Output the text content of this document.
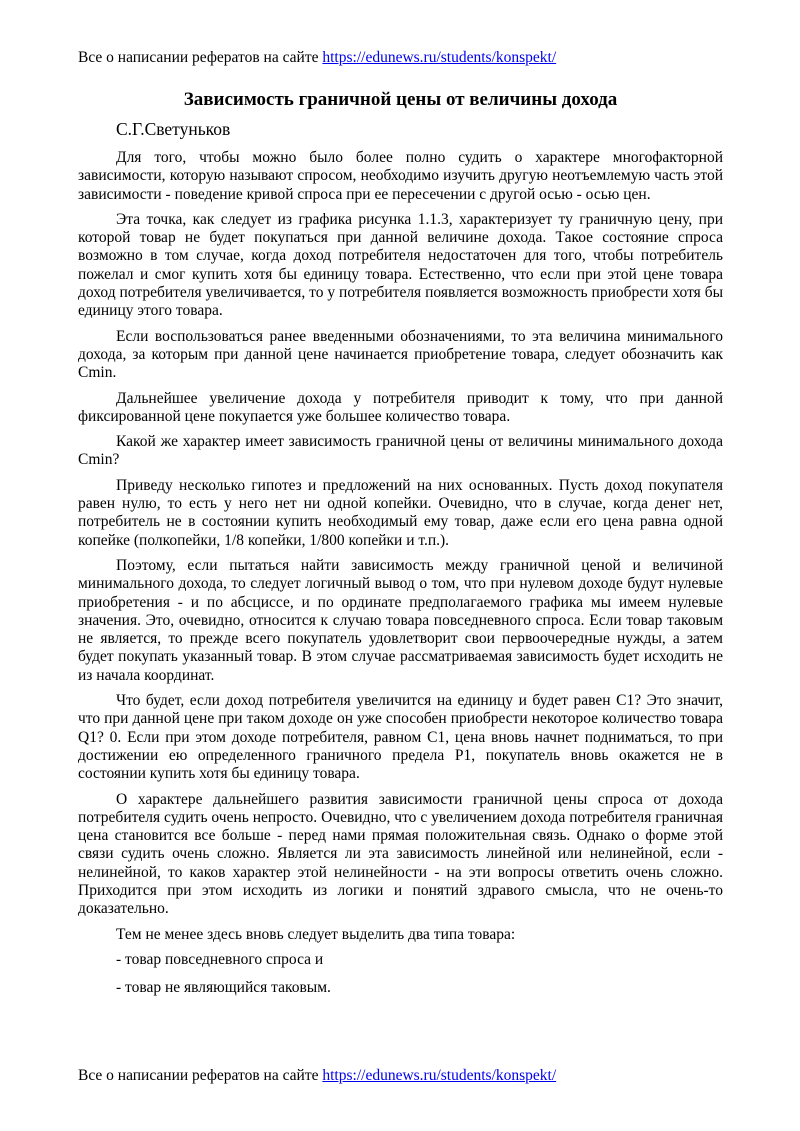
Все о написании рефератов на сайте https://edunews.ru/students/konspekt/
Зависимость граничной цены от величины дохода
С.Г.Светуньков

Для того, чтобы можно было более полно судить о характере многофакторной зависимости, которую называют спросом, необходимо изучить другую неотъемлемую часть этой зависимости - поведение кривой спроса при ее пересечении с другой осью - осью цен.

Эта точка, как следует из графика рисунка 1.1.3, характеризует ту граничную цену, при которой товар не будет покупаться при данной величине дохода. Такое состояние спроса возможно в том случае, когда доход потребителя недостаточен для того, чтобы потребитель пожелал и смог купить хотя бы единицу товара. Естественно, что если при этой цене товара доход потребителя увеличивается, то у потребителя появляется возможность приобрести хотя бы единицу этого товара.

Если воспользоваться ранее введенными обозначениями, то эта величина минимального дохода, за которым при данной цене начинается приобретение товара, следует обозначить как Cmin.

Дальнейшее увеличение дохода у потребителя приводит к тому, что при данной фиксированной цене покупается уже большее количество товара.

Какой же характер имеет зависимость граничной цены от величины минимального дохода Cmin?

Приведу несколько гипотез и предложений на них основанных. Пусть доход покупателя равен нулю, то есть у него нет ни одной копейки. Очевидно, что в случае, когда денег нет, потребитель не в состоянии купить необходимый ему товар, даже если его цена равна одной копейке (полкопейки, 1/8 копейки, 1/800 копейки и т.п.).

Поэтому, если пытаться найти зависимость между граничной ценой и величиной минимального дохода, то следует логичный вывод о том, что при нулевом доходе будут нулевые приобретения - и по абсциссе, и по ординате предполагаемого графика мы имеем нулевые значения. Это, очевидно, относится к случаю товара повседневного спроса. Если товар таковым не является, то прежде всего покупатель удовлетворит свои первоочередные нужды, а затем будет покупать указанный товар. В этом случае рассматриваемая зависимость будет исходить не из начала координат.

Что будет, если доход потребителя увеличится на единицу и будет равен С1? Это значит, что при данной цене при таком доходе он уже способен приобрести некоторое количество товара Q1? 0. Если при этом доходе потребителя, равном С1, цена вновь начнет подниматься, то при достижении ею определенного граничного предела Р1, покупатель вновь окажется не в состоянии купить хотя бы единицу товара.

О характере дальнейшего развития зависимости граничной цены спроса от дохода потребителя судить очень непросто. Очевидно, что с увеличением дохода потребителя граничная цена становится все больше - перед нами прямая положительная связь. Однако о форме этой связи судить очень сложно. Является ли эта зависимость линейной или нелинейной, если - нелинейной, то каков характер этой нелинейности - на эти вопросы ответить очень сложно. Приходится при этом исходить из логики и понятий здравого смысла, что не очень-то доказательно.

Тем не менее здесь вновь следует выделить два типа товара:

- товар повседневного спроса и

- товар не являющийся таковым.

Все о написании рефератов на сайте https://edunews.ru/students/konspekt/
